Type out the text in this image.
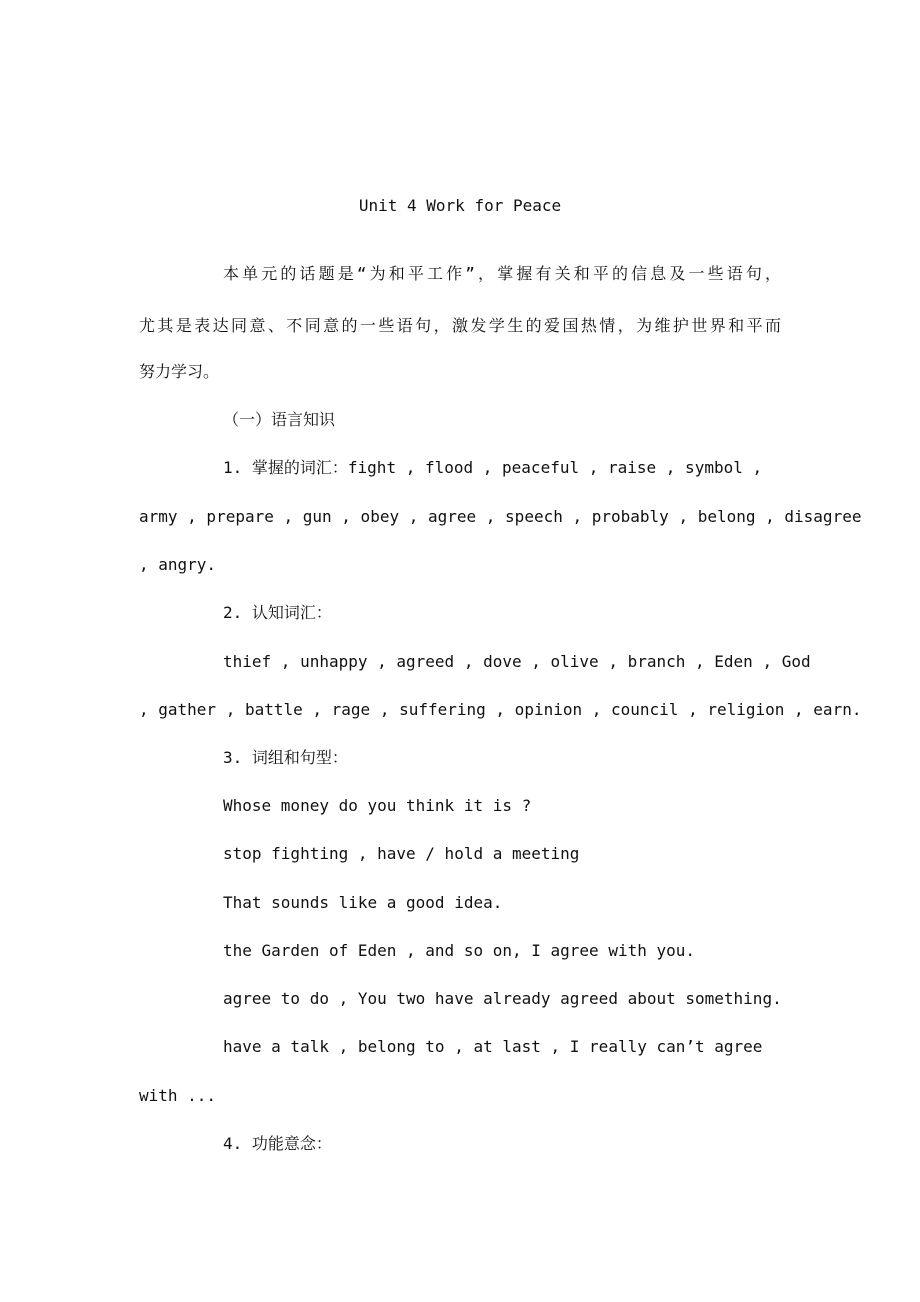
Unit 4 Work for Peace
本单元的话题是“为和平工作”，掌握有关和平的信息及一些语句，
尤其是表达同意、不同意的一些语句，激发学生的爱国热情，为维护世界和平而
努力学习。
（一）语言知识
1. 掌握的词汇：fight , flood , peaceful , raise , symbol ,
army , prepare , gun , obey , agree , speech , probably , belong , disagree
, angry.
2. 认知词汇：
thief , unhappy , agreed , dove , olive , branch , Eden , God
, gather , battle , rage , suffering , opinion , council , religion , earn.
3. 词组和句型：
Whose money do you think it is ?
stop fighting , have / hold a meeting
That sounds like a good idea.
the Garden of Eden , and so on, I agree with you.
agree to do , You two have already agreed about something.
have a talk , belong to , at last , I really can’t agree
with ...
4. 功能意念：
